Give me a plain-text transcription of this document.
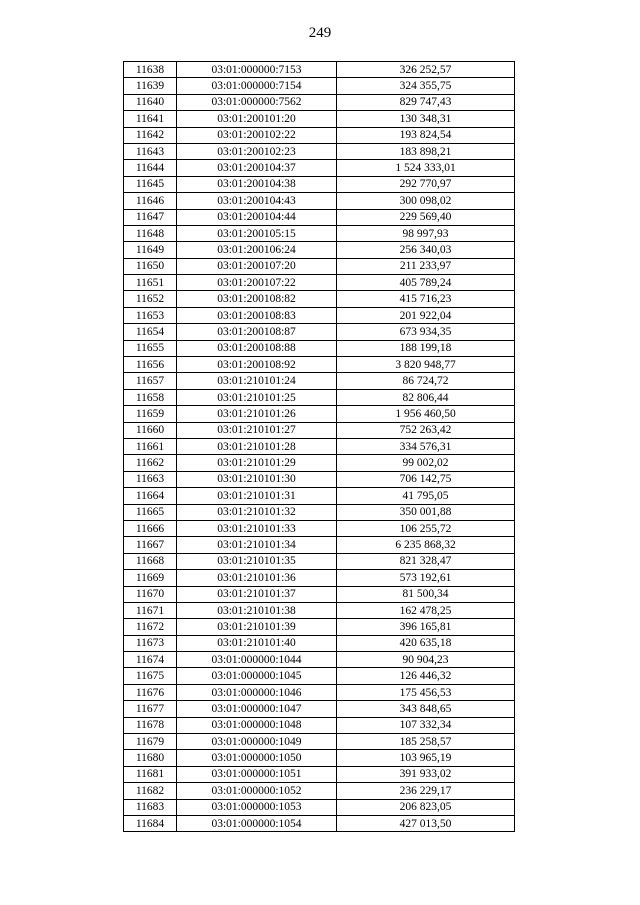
249
11638	03:01:000000:7153	326 252,57
11639	03:01:000000:7154	324 355,75
11640	03:01:000000:7562	829 747,43
11641	03:01:200101:20	130 348,31
11642	03:01:200102:22	193 824,54
11643	03:01:200102:23	183 898,21
11644	03:01:200104:37	1 524 333,01
11645	03:01:200104:38	292 770,97
11646	03:01:200104:43	300 098,02
11647	03:01:200104:44	229 569,40
11648	03:01:200105:15	98 997,93
11649	03:01:200106:24	256 340,03
11650	03:01:200107:20	211 233,97
11651	03:01:200107:22	405 789,24
11652	03:01:200108:82	415 716,23
11653	03:01:200108:83	201 922,04
11654	03:01:200108:87	673 934,35
11655	03:01:200108:88	188 199,18
11656	03:01:200108:92	3 820 948,77
11657	03:01:210101:24	86 724,72
11658	03:01:210101:25	82 806,44
11659	03:01:210101:26	1 956 460,50
11660	03:01:210101:27	752 263,42
11661	03:01:210101:28	334 576,31
11662	03:01:210101:29	99 002,02
11663	03:01:210101:30	706 142,75
11664	03:01:210101:31	41 795,05
11665	03:01:210101:32	350 001,88
11666	03:01:210101:33	106 255,72
11667	03:01:210101:34	6 235 868,32
11668	03:01:210101:35	821 328,47
11669	03:01:210101:36	573 192,61
11670	03:01:210101:37	81 500,34
11671	03:01:210101:38	162 478,25
11672	03:01:210101:39	396 165,81
11673	03:01:210101:40	420 635,18
11674	03:01:000000:1044	90 904,23
11675	03:01:000000:1045	126 446,32
11676	03:01:000000:1046	175 456,53
11677	03:01:000000:1047	343 848,65
11678	03:01:000000:1048	107 332,34
11679	03:01:000000:1049	185 258,57
11680	03:01:000000:1050	103 965,19
11681	03:01:000000:1051	391 933,02
11682	03:01:000000:1052	236 229,17
11683	03:01:000000:1053	206 823,05
11684	03:01:000000:1054	427 013,50
